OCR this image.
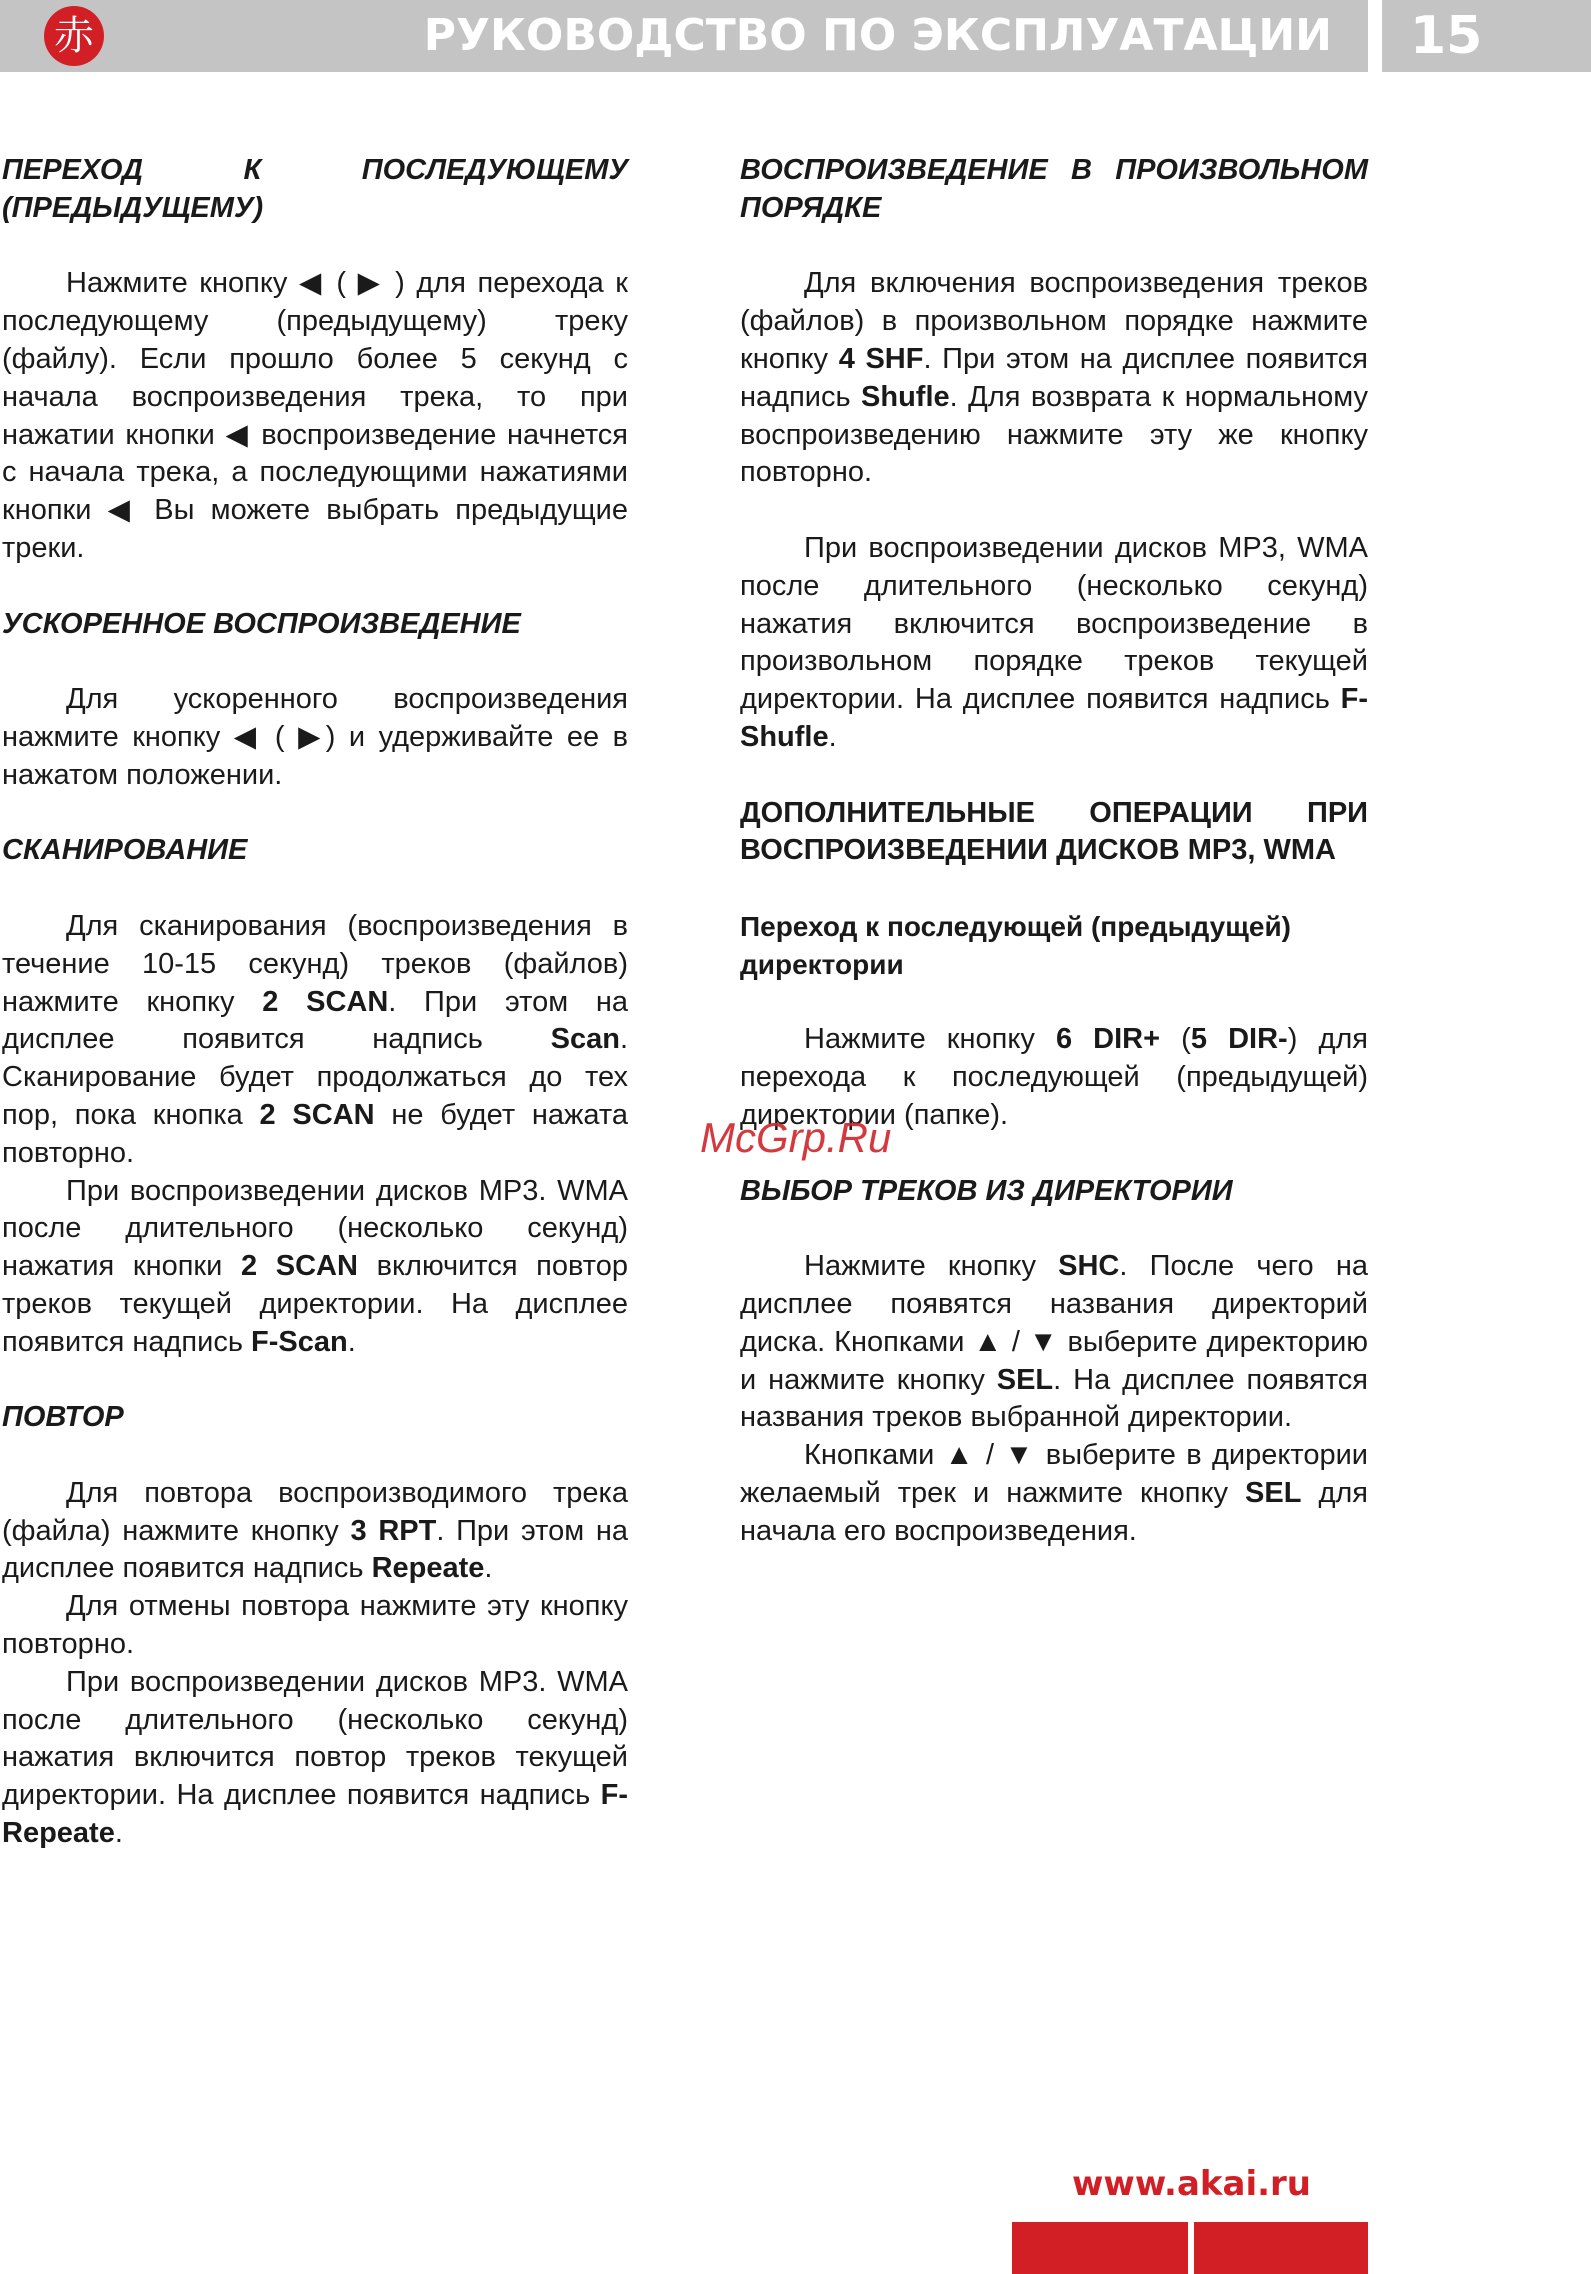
赤	РУКОВОДСТВО ПО ЭКСПЛУАТАЦИИ 15
ПЕРЕХОД К ПОСЛЕДУЮЩЕМУ (ПРЕДЫДУЩЕМУ)

Нажмите кнопку ◀ ( ▶ ) для перехода к последующему (предыдущему) треку (файлу). Если прошло более 5 секунд с начала воспроизведения трека, то при нажатии кнопки ◀ воспроизведение начнется с начала трека, а последующими нажатиями кнопки ◀ Вы можете выбрать предыдущие треки.

УСКОРЕННОЕ ВОСПРОИЗВЕДЕНИЕ

Для ускоренного воспроизведения нажмите кнопку ◀ ( ▶) и удерживайте ее в нажатом положении.

СКАНИРОВАНИЕ

Для сканирования (воспроизведения в течение 10-15 секунд) треков (файлов) нажмите кнопку 2 SCAN. При этом на дисплее появится надпись Scan. Сканирование будет продолжаться до тех пор, пока кнопка 2 SCAN не будет нажата повторно.

При воспроизведении дисков MP3. WMA после длительного (несколько секунд) нажатия кнопки 2 SCAN включится повтор треков текущей директории. На дисплее появится надпись F-Scan.

ПОВТОР

Для повтора воспроизводимого трека (файла) нажмите кнопку 3 RPT. При этом на дисплее появится надпись Repeate.

Для отмены повтора нажмите эту кнопку повторно.

При воспроизведении дисков MP3. WMA после длительного (несколько секунд) нажатия включится повтор треков текущей директории. На дисплее появится надпись F- Repeate.

ВОСПРОИЗВЕДЕНИЕ В ПРОИЗВОЛЬНОМ ПОРЯДКЕ

Для включения воспроизведения треков (файлов) в произвольном порядке нажмите кнопку 4 SHF. При этом на дисплее появится надпись Shufle. Для возврата к нормальному воспроизведению нажмите эту же кнопку повторно.

При воспроизведении дисков MP3, WMA после длительного (несколько секунд) нажатия включится воспроизведение в произвольном порядке треков текущей директории. На дисплее появится надпись F- Shufle.

ДОПОЛНИТЕЛЬНЫЕ ОПЕРАЦИИ ПРИ ВОСПРОИЗВЕДЕНИИ ДИСКОВ MP3, WMA
Переход к последующей (предыдущей) директории

Нажмите кнопку 6 DIR+ (5 DIR-) для перехода к последующей (предыдущей) директории (папке).

ВЫБОР ТРЕКОВ ИЗ ДИРЕКТОРИИ

Нажмите кнопку SHC. После чего на дисплее появятся названия директорий диска. Кнопками ▲ / ▼ выберите директорию и нажмите кнопку SEL. На дисплее появятся названия треков выбранной директории.

Кнопками ▲ / ▼ выберите в директории желаемый трек и нажмите кнопку SEL для начала его воспроизведения.

McGrp.Ru
www.akai.ru
